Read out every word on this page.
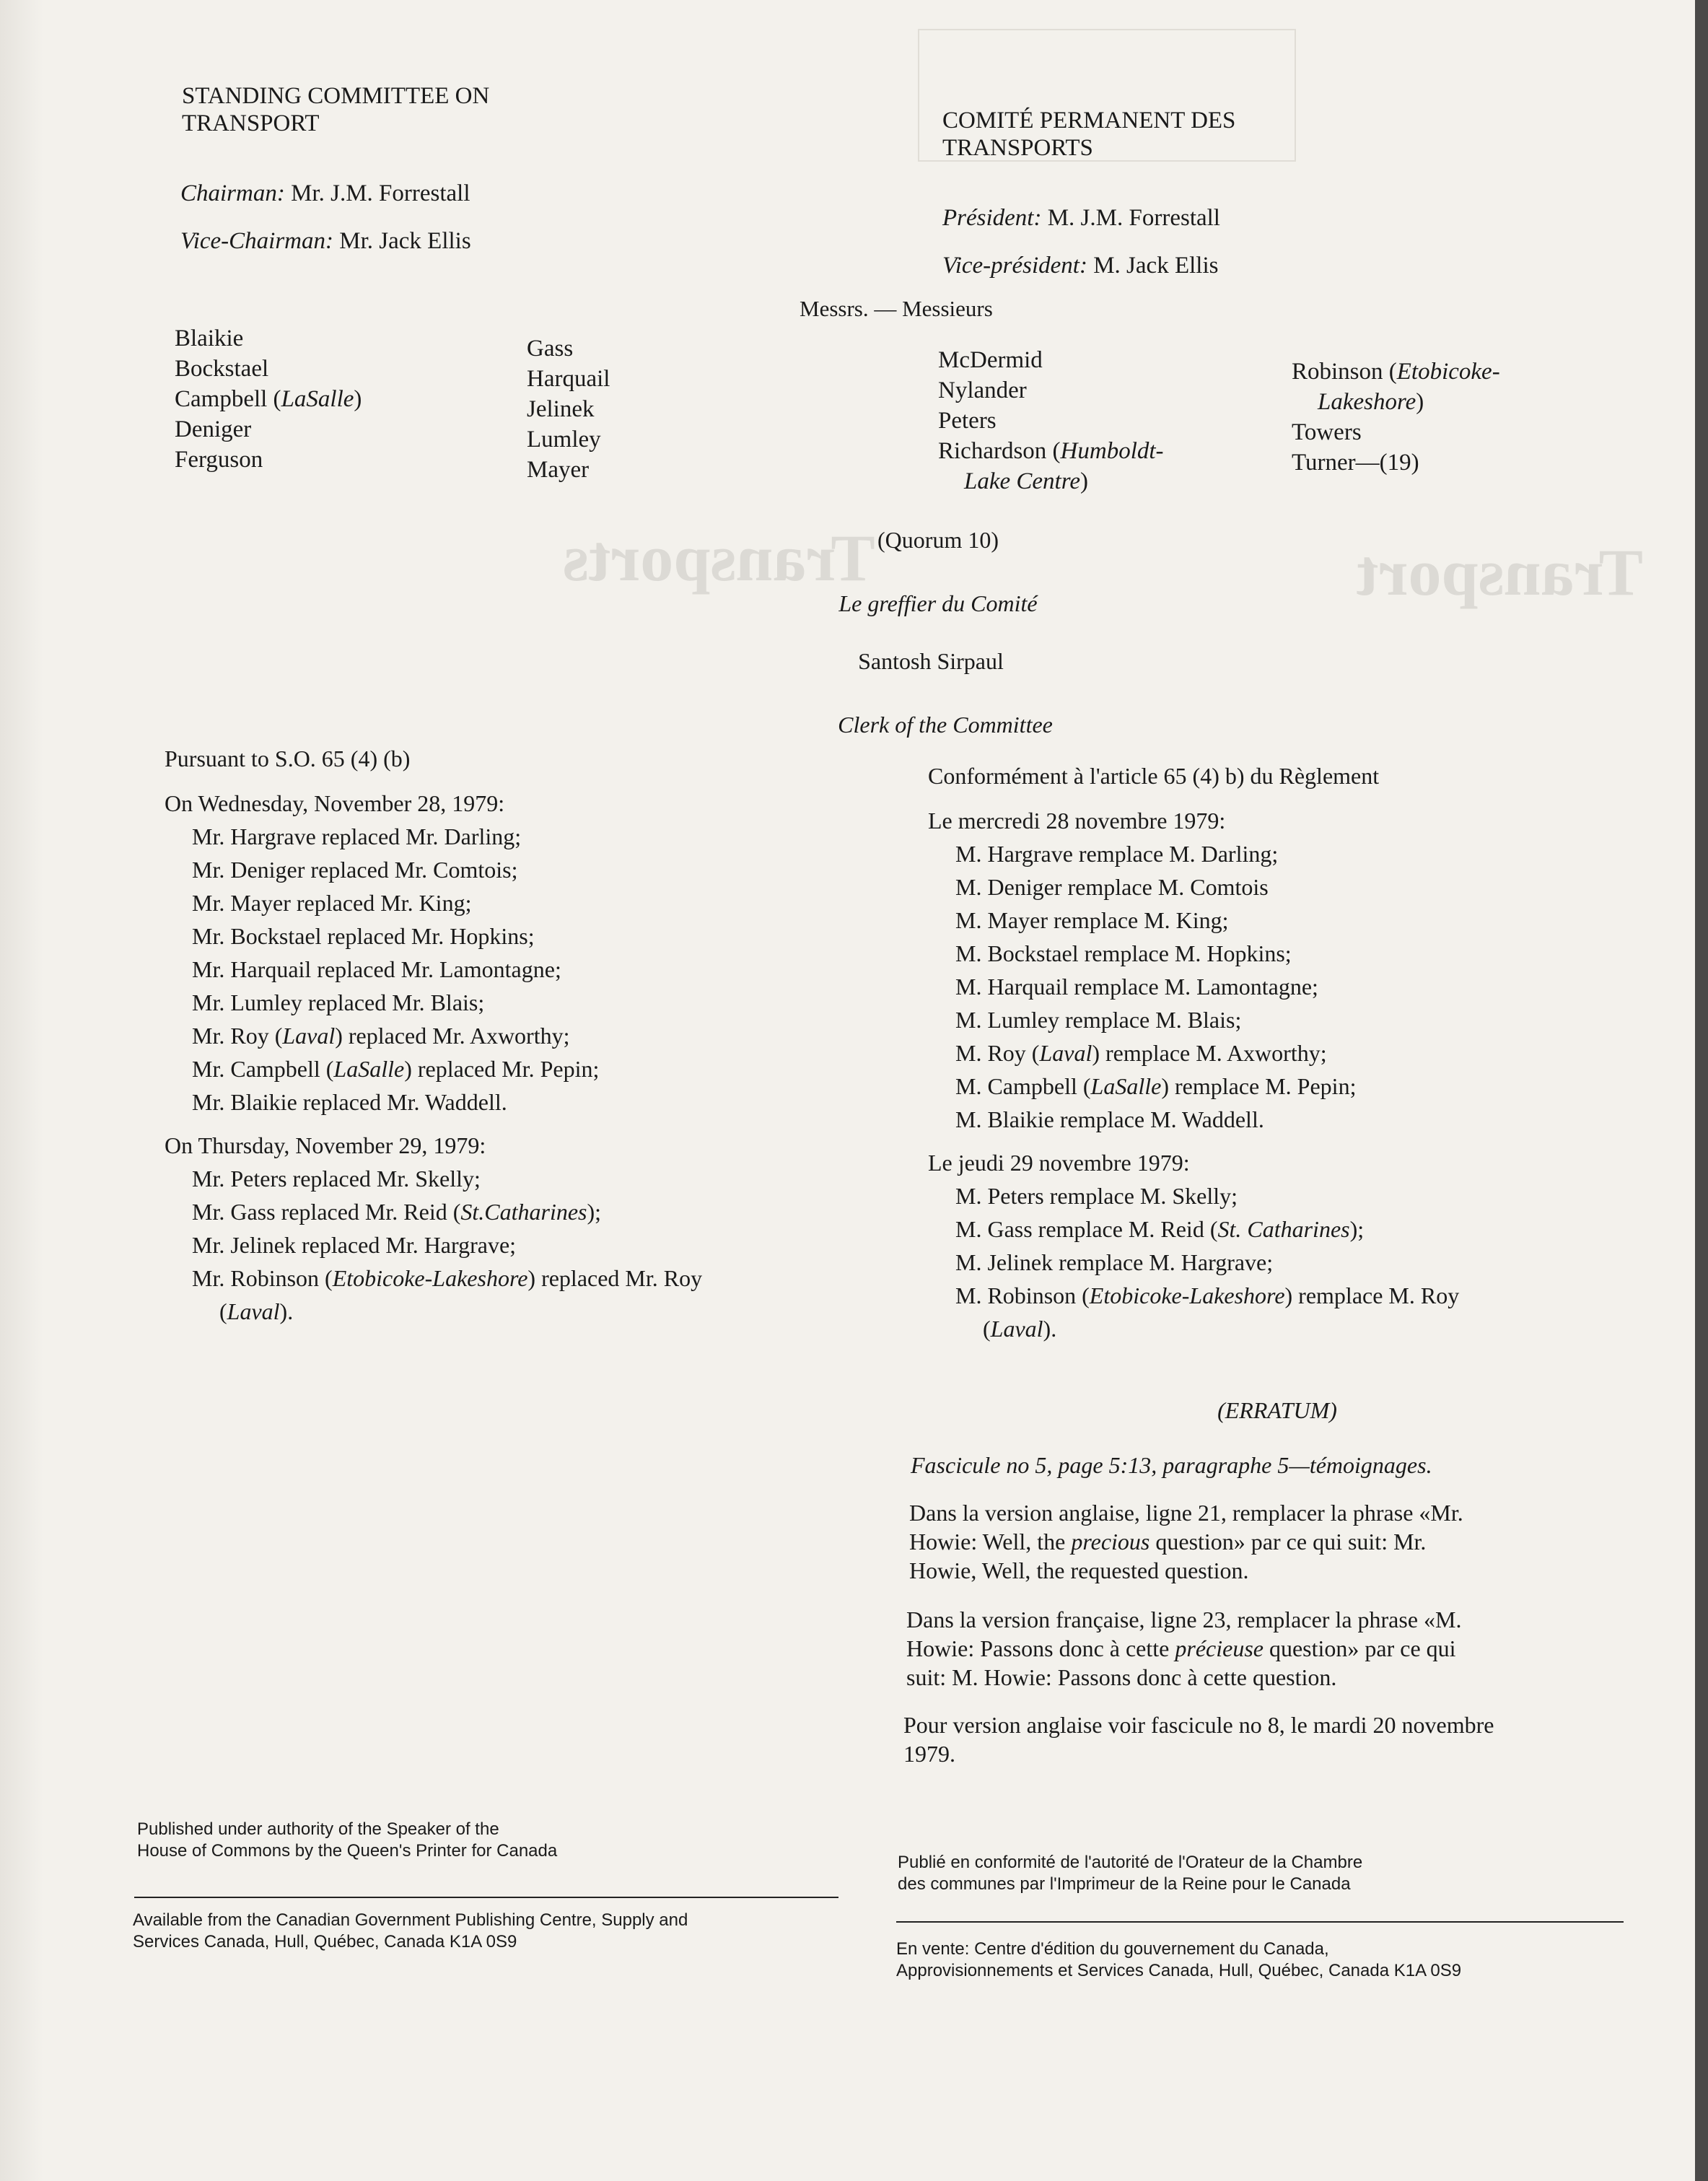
Transport
Transports
STANDING COMMITTEE ON TRANSPORT
Chairman: Mr. J.M. Forrestall
Vice-Chairman: Mr. Jack Ellis
COMITÉ PERMANENT DES TRANSPORTS
Président: M. J.M. Forrestall
Vice-président: M. Jack Ellis
Messrs. — Messieurs
Blaikie
Bockstael
Campbell (LaSalle)
Deniger
Ferguson
Gass
Harquail
Jelinek
Lumley
Mayer
McDermid
Nylander
Peters
Richardson (Humboldt-
Lake Centre)
Robinson (Etobicoke-
Lakeshore)
Towers
Turner—(19)
(Quorum 10)
Le greffier du Comité
Santosh Sirpaul
Clerk of the Committee
Pursuant to S.O. 65 (4) (b)
On Wednesday, November 28, 1979:
Mr. Hargrave replaced Mr. Darling;
Mr. Deniger replaced Mr. Comtois;
Mr. Mayer replaced Mr. King;
Mr. Bockstael replaced Mr. Hopkins;
Mr. Harquail replaced Mr. Lamontagne;
Mr. Lumley replaced Mr. Blais;
Mr. Roy (Laval) replaced Mr. Axworthy;
Mr. Campbell (LaSalle) replaced Mr. Pepin;
Mr. Blaikie replaced Mr. Waddell.
On Thursday, November 29, 1979:
Mr. Peters replaced Mr. Skelly;
Mr. Gass replaced Mr. Reid (St.Catharines);
Mr. Jelinek replaced Mr. Hargrave;
Mr. Robinson (Etobicoke-Lakeshore) replaced Mr. Roy
(Laval).
Conformément à l'article 65 (4) b) du Règlement
Le mercredi 28 novembre 1979:
M. Hargrave remplace M. Darling;
M. Deniger remplace M. Comtois
M. Mayer remplace M. King;
M. Bockstael remplace M. Hopkins;
M. Harquail remplace M. Lamontagne;
M. Lumley remplace M. Blais;
M. Roy (Laval) remplace M. Axworthy;
M. Campbell (LaSalle) remplace M. Pepin;
M. Blaikie remplace M. Waddell.
Le jeudi 29 novembre 1979:
M. Peters remplace M. Skelly;
M. Gass remplace M. Reid (St. Catharines);
M. Jelinek remplace M. Hargrave;
M. Robinson (Etobicoke-Lakeshore) remplace M. Roy
(Laval).
(ERRATUM)
Fascicule no 5, page 5:13, paragraphe 5—témoignages.
Dans la version anglaise, ligne 21, remplacer la phrase «Mr.
Howie: Well, the precious question» par ce qui suit: Mr.
Howie, Well, the requested question.
Dans la version française, ligne 23, remplacer la phrase «M.
Howie: Passons donc à cette précieuse question» par ce qui
suit: M. Howie: Passons donc à cette question.
Pour version anglaise voir fascicule no 8, le mardi 20 novembre
1979.
Published under authority of the Speaker of the
House of Commons by the Queen's Printer for Canada
Available from the Canadian Government Publishing Centre, Supply and
Services Canada, Hull, Québec, Canada K1A 0S9
Publié en conformité de l'autorité de l'Orateur de la Chambre
des communes par l'Imprimeur de la Reine pour le Canada
En vente: Centre d'édition du gouvernement du Canada,
Approvisionnements et Services Canada, Hull, Québec, Canada K1A 0S9
